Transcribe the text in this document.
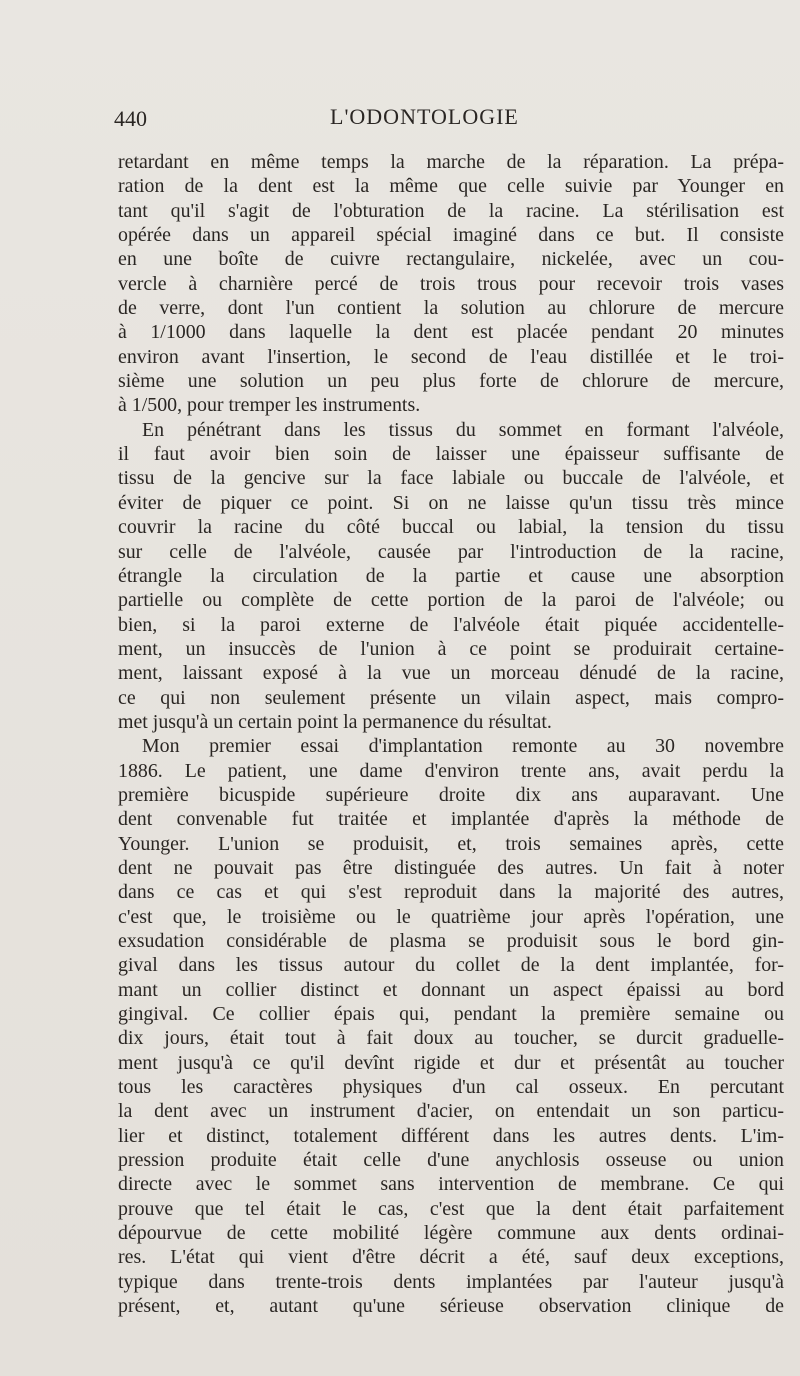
440	L'ODONTOLOGIE
retardant en même temps la marche de la réparation. La prépa-
ration de la dent est la même que celle suivie par Younger en
tant qu'il s'agit de l'obturation de la racine. La stérilisation est
opérée dans un appareil spécial imaginé dans ce but. Il consiste
en une boîte de cuivre rectangulaire, nickelée, avec un cou-
vercle à charnière percé de trois trous pour recevoir trois vases
de verre, dont l'un contient la solution au chlorure de mercure
à 1/1000 dans laquelle la dent est placée pendant 20 minutes
environ avant l'insertion, le second de l'eau distillée et le troi-
sième une solution un peu plus forte de chlorure de mercure,
à 1/500, pour tremper les instruments.
En pénétrant dans les tissus du sommet en formant l'alvéole,
il faut avoir bien soin de laisser une épaisseur suffisante de
tissu de la gencive sur la face labiale ou buccale de l'alvéole, et
éviter de piquer ce point. Si on ne laisse qu'un tissu très mince
couvrir la racine du côté buccal ou labial, la tension du tissu
sur celle de l'alvéole, causée par l'introduction de la racine,
étrangle la circulation de la partie et cause une absorption
partielle ou complète de cette portion de la paroi de l'alvéole; ou
bien, si la paroi externe de l'alvéole était piquée accidentelle-
ment, un insuccès de l'union à ce point se produirait certaine-
ment, laissant exposé à la vue un morceau dénudé de la racine,
ce qui non seulement présente un vilain aspect, mais compro-
met jusqu'à un certain point la permanence du résultat.
Mon premier essai d'implantation remonte au 30 novembre
1886. Le patient, une dame d'environ trente ans, avait perdu la
première bicuspide supérieure droite dix ans auparavant. Une
dent convenable fut traitée et implantée d'après la méthode de
Younger. L'union se produisit, et, trois semaines après, cette
dent ne pouvait pas être distinguée des autres. Un fait à noter
dans ce cas et qui s'est reproduit dans la majorité des autres,
c'est que, le troisième ou le quatrième jour après l'opération, une
exsudation considérable de plasma se produisit sous le bord gin-
gival dans les tissus autour du collet de la dent implantée, for-
mant un collier distinct et donnant un aspect épaissi au bord
gingival. Ce collier épais qui, pendant la première semaine ou
dix jours, était tout à fait doux au toucher, se durcit graduelle-
ment jusqu'à ce qu'il devînt rigide et dur et présentât au toucher
tous les caractères physiques d'un cal osseux. En percutant
la dent avec un instrument d'acier, on entendait un son particu-
lier et distinct, totalement différent dans les autres dents. L'im-
pression produite était celle d'une anychlosis osseuse ou union
directe avec le sommet sans intervention de membrane. Ce qui
prouve que tel était le cas, c'est que la dent était parfaitement
dépourvue de cette mobilité légère commune aux dents ordinai-
res. L'état qui vient d'être décrit a été, sauf deux exceptions,
typique dans trente-trois dents implantées par l'auteur jusqu'à
présent, et, autant qu'une sérieuse observation clinique de
